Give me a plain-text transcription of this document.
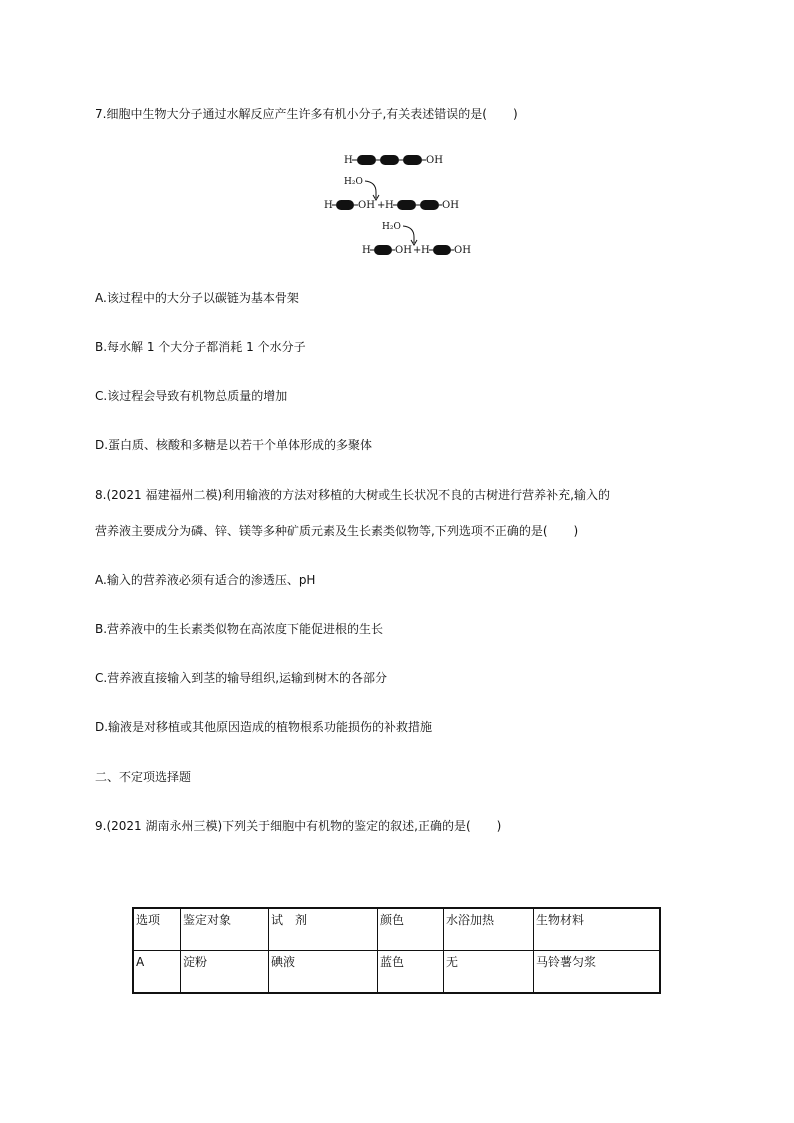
7.细胞中生物大分子通过水解反应产生许多有机小分子,有关表述错误的是( )
H	OH
H₂O
H	OH + H	OH
H₂O
H OH + H OH
A.该过程中的大分子以碳链为基本骨架
B.每水解 1 个大分子都消耗 1 个水分子
C.该过程会导致有机物总质量的增加
D.蛋白质、核酸和多糖是以若干个单体形成的多聚体
8.(2021 福建福州二模)利用输液的方法对移植的大树或生长状况不良的古树进行营养补充,输入的
营养液主要成分为磷、锌、镁等多种矿质元素及生长素类似物等,下列选项不正确的是( )
A.输入的营养液必须有适合的渗透压、pH
B.营养液中的生长素类似物在高浓度下能促进根的生长
C.营养液直接输入到茎的输导组织,运输到树木的各部分
D.输液是对移植或其他原因造成的植物根系功能损伤的补救措施
二、不定项选择题
9.(2021 湖南永州三模)下列关于细胞中有机物的鉴定的叙述,正确的是( )
选项	鉴定对象	试　剂	颜色	水浴加热	生物材料
A	淀粉	碘液	蓝色	无	马铃薯匀浆
